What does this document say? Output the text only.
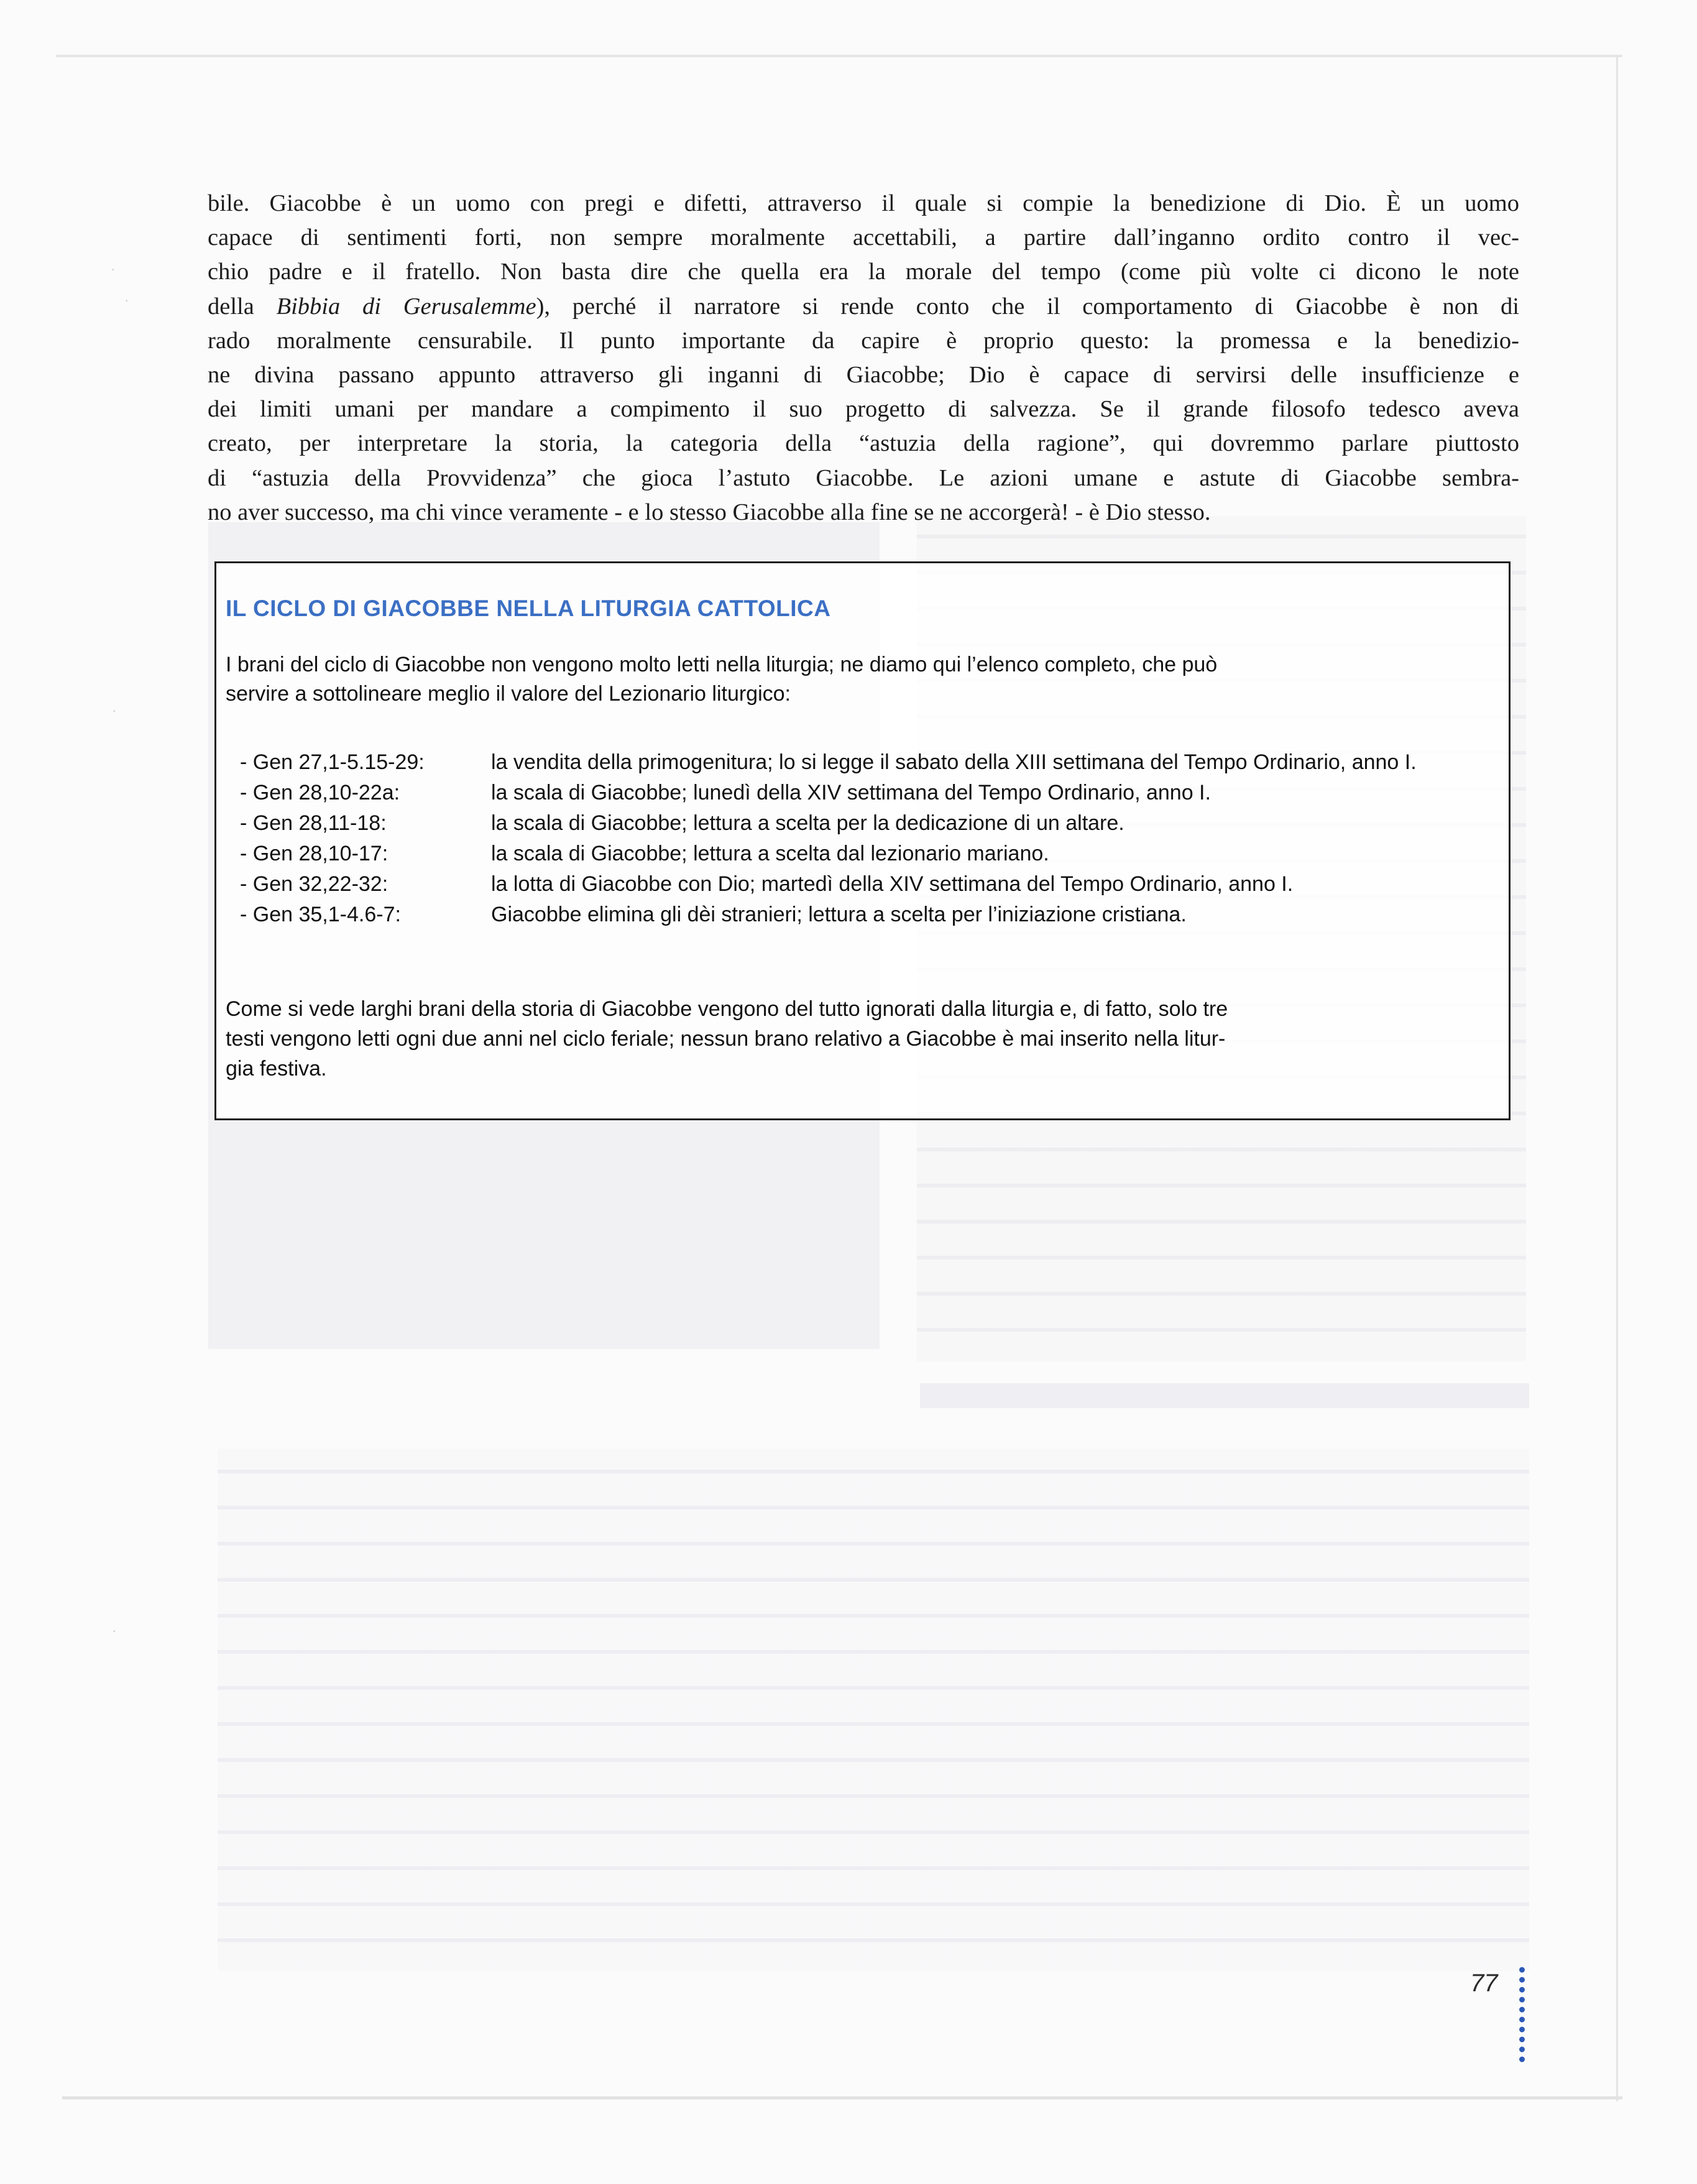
·
·
·
·
bile. Giacobbe è un uomo con pregi e difetti, attraverso il quale si compie la benedizione di Dio. È un uomo
capace di sentimenti forti, non sempre moralmente accettabili, a partire dall’inganno ordito contro il vec-
chio padre e il fratello. Non basta dire che quella era la morale del tempo (come più volte ci dicono le note
della Bibbia di Gerusalemme), perché il narratore si rende conto che il comportamento di Giacobbe è non di
rado moralmente censurabile. Il punto importante da capire è proprio questo: la promessa e la benedizio-
ne divina passano appunto attraverso gli inganni di Giacobbe; Dio è capace di servirsi delle insufficienze e
dei limiti umani per mandare a compimento il suo progetto di salvezza. Se il grande filosofo tedesco aveva
creato, per interpretare la storia, la categoria della “astuzia della ragione”, qui dovremmo parlare piuttosto
di “astuzia della Provvidenza” che gioca l’astuto Giacobbe. Le azioni umane e astute di Giacobbe sembra-
no aver successo, ma chi vince veramente - e lo stesso Giacobbe alla fine se ne accorgerà! - è Dio stesso.
IL CICLO DI GIACOBBE NELLA LITURGIA CATTOLICA
I brani del ciclo di Giacobbe non vengono molto letti nella liturgia; ne diamo qui l’elenco completo, che può
servire a sottolineare meglio il valore del Lezionario liturgico:
- Gen 27,1-5.15-29:	la vendita della primogenitura; lo si legge il sabato della XIII settimana del Tempo Ordinario, anno I.
- Gen 28,10-22a:	la scala di Giacobbe; lunedì della XIV settimana del Tempo Ordinario, anno I.
- Gen 28,11-18:	la scala di Giacobbe; lettura a scelta per la dedicazione di un altare.
- Gen 28,10-17:	la scala di Giacobbe; lettura a scelta dal lezionario mariano.
- Gen 32,22-32:	la lotta di Giacobbe con Dio; martedì della XIV settimana del Tempo Ordinario, anno I.
- Gen 35,1-4.6-7:	Giacobbe elimina gli dèi stranieri; lettura a scelta per l’iniziazione cristiana.
Come si vede larghi brani della storia di Giacobbe vengono del tutto ignorati dalla liturgia e, di fatto, solo tre
testi vengono letti ogni due anni nel ciclo feriale; nessun brano relativo a Giacobbe è mai inserito nella litur-
gia festiva.
77
